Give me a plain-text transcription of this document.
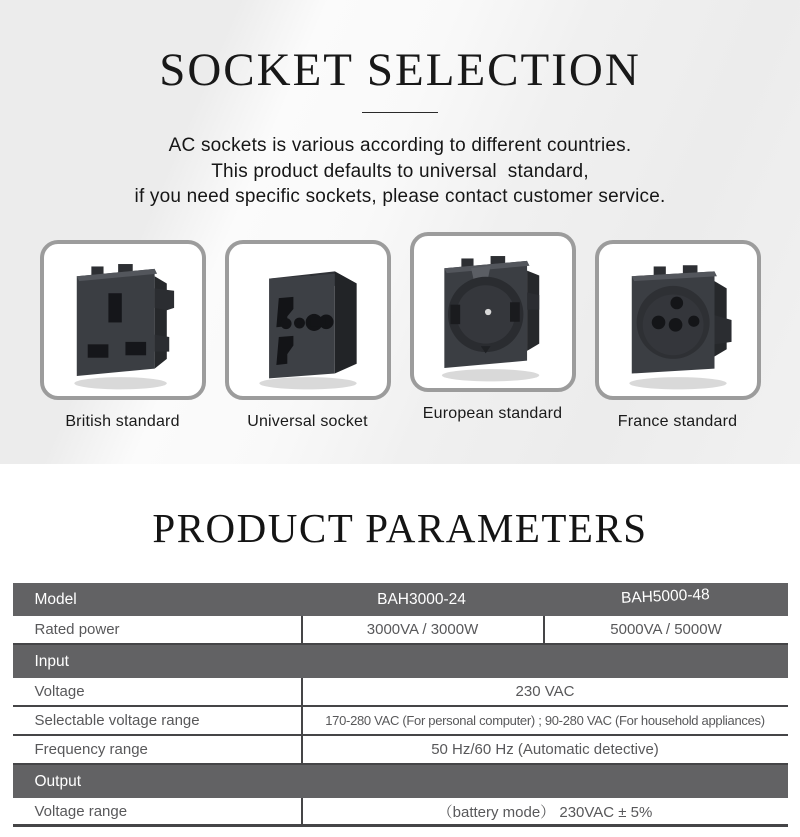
SOCKET SELECTION
AC sockets is various according to different countries.
This product defaults to universal  standard,
if you need specific sockets, please contact customer service.
British standard	Universal socket	European standard	France standard
PRODUCT PARAMETERS
Model	BAH3000-24	BAH5000-48
Rated power	3000VA / 3000W	5000VA / 5000W
Input
Voltage	230 VAC
Selectable voltage range	170-280 VAC (For personal computer) ; 90-280 VAC (For household appliances)
Frequency range	50 Hz/60 Hz (Automatic detective)
Output
Voltage range	（battery mode） 230VAC ± 5%
